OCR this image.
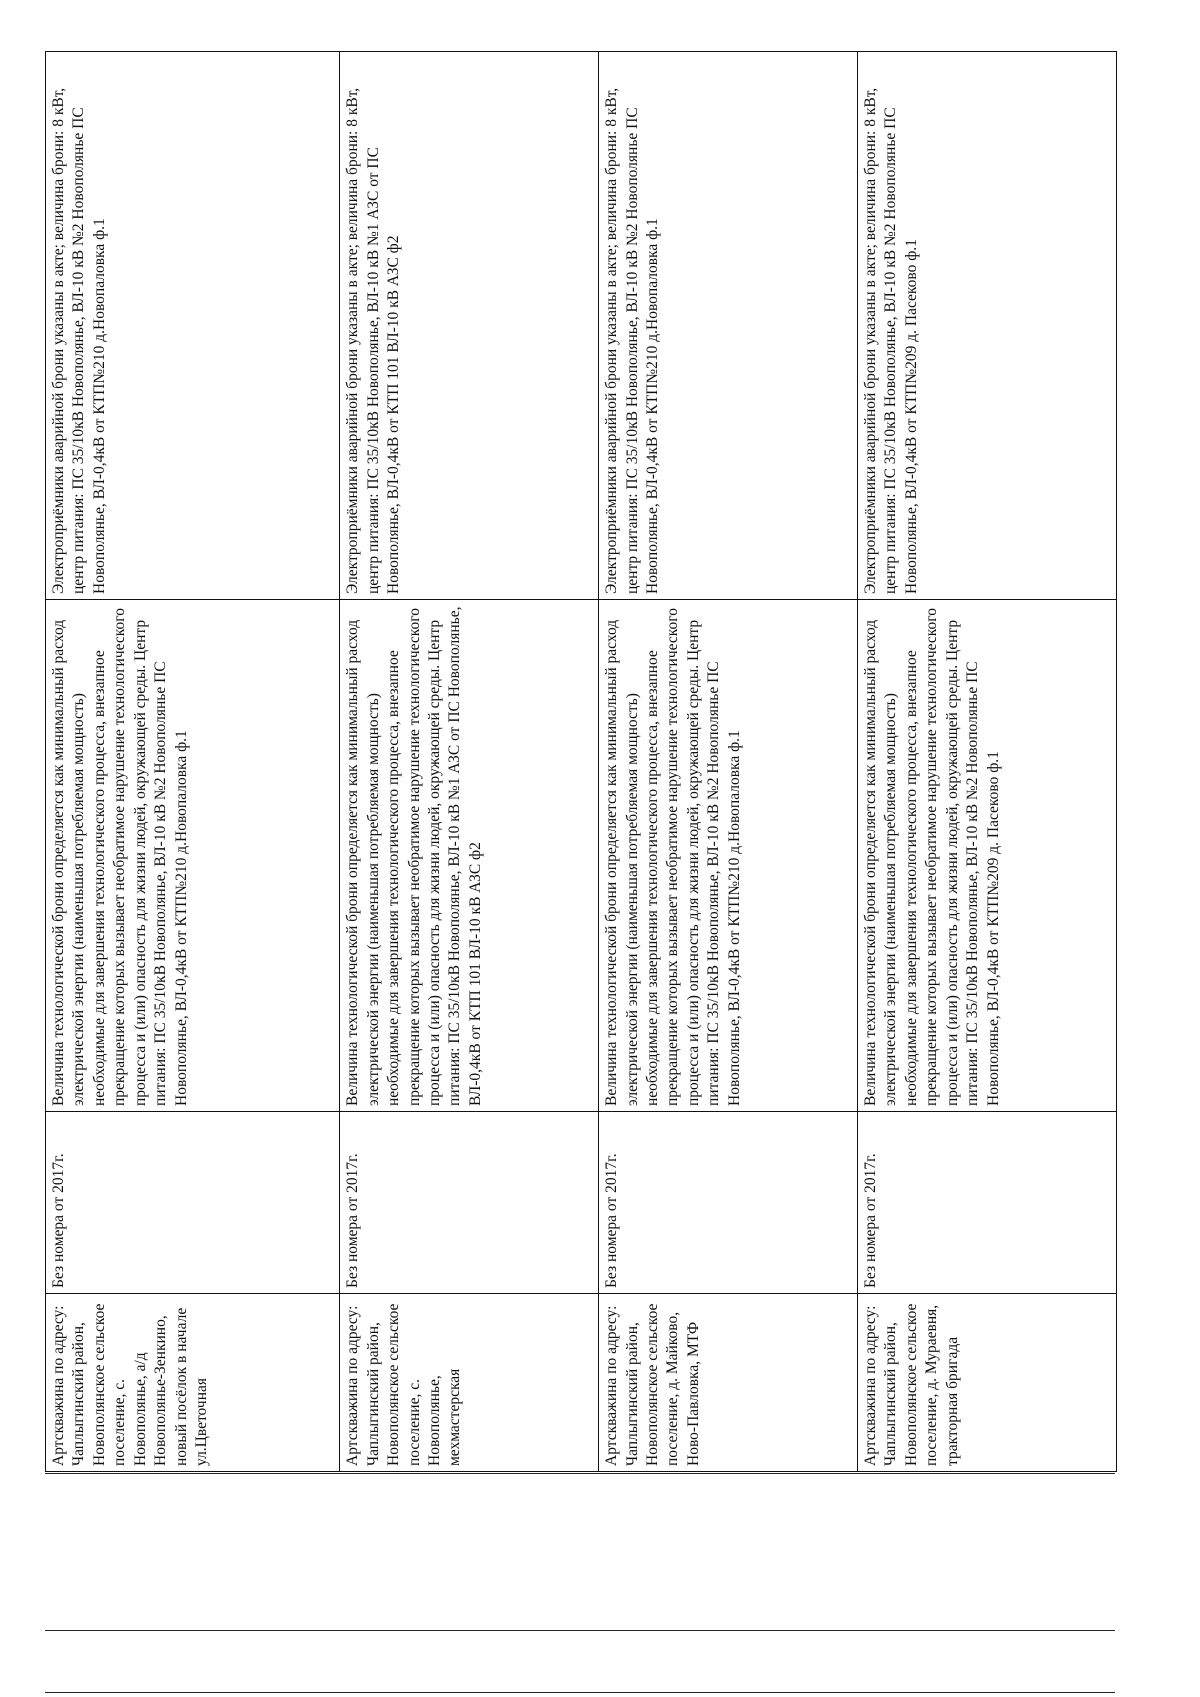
Артскважина по адресу: Чаплыгинский район, Новополянское сельское поселение, с. Новополянье, а/д Новополянье-Зенкино, новый посёлок в начале ул.Цветочная	Без номера от 2017г.	Величина технологической брони определяется как минимальный расход электрической энергии (наименьшая потребляемая мощность) необходимые для завершения технологического процесса, внезапное прекращение которых вызывает необратимое нарушение технологического процесса и (или) опасность для жизни людей, окружающей среды. Центр питания: ПС 35/10кВ Новополянье, ВЛ-10 кВ №2 Новополянье ПС Новополянье, ВЛ-0,4кВ от КТП№210 д.Новопаловка ф.1	Электроприёмники аварийной брони указаны в акте; величина брони: 8 кВт, центр питания: ПС 35/10кВ Новополянье, ВЛ-10 кВ №2 Новополянье ПС Новополянье, ВЛ-0,4кВ от КТП№210 д.Новопаловка ф.1
Артскважина по адресу: Чаплыгинский район, Новополянское сельское поселение, с. Новополянье, мехмастерская	Без номера от 2017г.	Величина технологической брони определяется как минимальный расход электрической энергии (наименьшая потребляемая мощность) необходимые для завершения технологического процесса, внезапное прекращение которых вызывает необратимое нарушение технологического процесса и (или) опасность для жизни людей, окружающей среды. Центр питания: ПС 35/10кВ Новополянье, ВЛ-10 кВ №1 АЗС от ПС Новополянье, ВЛ-0,4кВ от КТП 101 ВЛ-10 кВ АЗС ф2	Электроприёмники аварийной брони указаны в акте; величина брони: 8 кВт, центр питания: ПС 35/10кВ Новополянье, ВЛ-10 кВ №1 АЗС от ПС Новополянье, ВЛ-0,4кВ от КТП 101 ВЛ-10 кВ АЗС ф2
Артскважина по адресу: Чаплыгинский район, Новополянское сельское поселение, д. Майково, Ново-Павловка, МТФ	Без номера от 2017г.	Величина технологической брони определяется как минимальный расход электрической энергии (наименьшая потребляемая мощность) необходимые для завершения технологического процесса, внезапное прекращение которых вызывает необратимое нарушение технологического процесса и (или) опасность для жизни людей, окружающей среды. Центр питания: ПС 35/10кВ Новополянье, ВЛ-10 кВ №2 Новополянье ПС Новополянье, ВЛ-0,4кВ от КТП№210 д.Новопаловка ф.1	Электроприёмники аварийной брони указаны в акте; величина брони: 8 кВт, центр питания: ПС 35/10кВ Новополянье, ВЛ-10 кВ №2 Новополянье ПС Новополянье, ВЛ-0,4кВ от КТП№210 д.Новопаловка ф.1
Артскважина по адресу: Чаплыгинский район, Новополянское сельское поселение, д. Мураевня, тракторная бригада	Без номера от 2017г.	Величина технологической брони определяется как минимальный расход электрической энергии (наименьшая потребляемая мощность) необходимые для завершения технологического процесса, внезапное прекращение которых вызывает необратимое нарушение технологического процесса и (или) опасность для жизни людей, окружающей среды. Центр питания: ПС 35/10кВ Новополянье, ВЛ-10 кВ №2 Новополянье ПС Новополянье, ВЛ-0,4кВ от КТП№209 д. Пасеково ф.1	Электроприёмники аварийной брони указаны в акте; величина брони: 8 кВт, центр питания: ПС 35/10кВ Новополянье, ВЛ-10 кВ №2 Новополянье ПС Новополянье, ВЛ-0,4кВ от КТП№209 д. Пасеково ф.1
